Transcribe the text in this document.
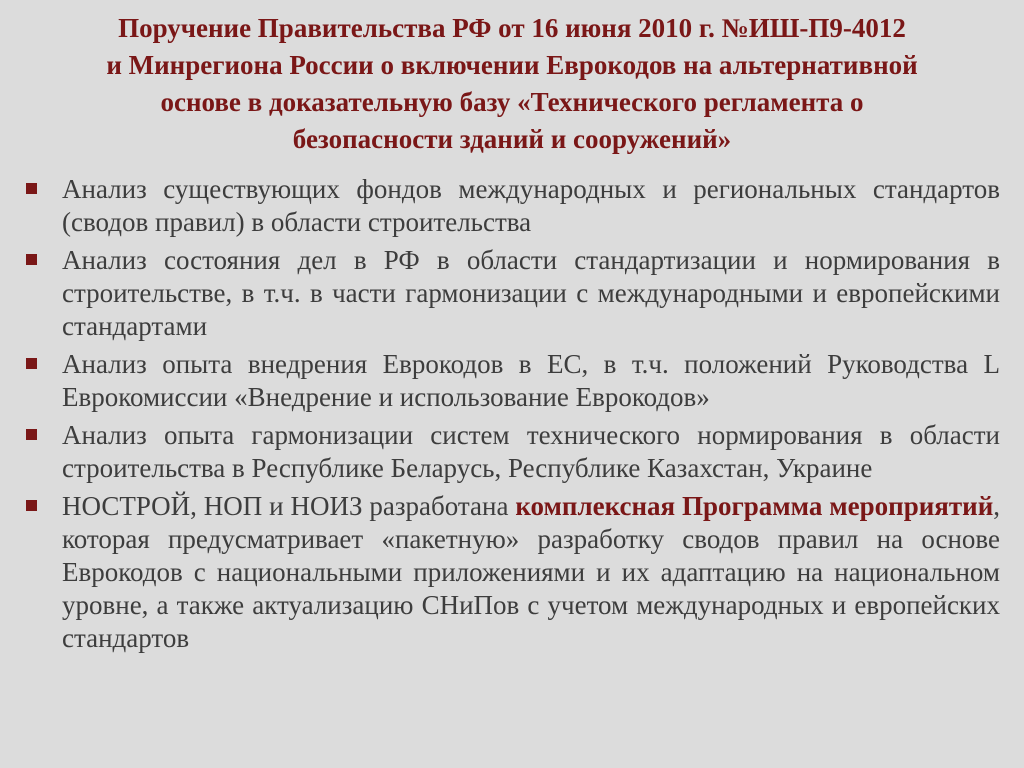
Поручение Правительства РФ от 16 июня 2010 г. №ИШ-П9-4012
и Минрегиона России о включении Еврокодов на альтернативной
основе в доказательную базу «Технического регламента о
безопасности зданий и сооружений»
Анализ существующих фондов международных и региональных стандартов (сводов правил) в области строительства
Анализ состояния дел в РФ в области стандартизации и нормирования в строительстве, в т.ч. в части гармонизации с международными и европейскими стандартами
Анализ опыта внедрения Еврокодов в ЕС, в т.ч. положений Руководства L Еврокомиссии «Внедрение и использование Еврокодов»
Анализ опыта гармонизации систем технического нормирования в области строительства в Республике Беларусь, Республике Казахстан, Украине
НОСТРОЙ, НОП и НОИЗ разработана комплексная Программа мероприятий, которая предусматривает «пакетную» разработку сводов правил на основе Еврокодов с национальными приложениями и их адаптацию на национальном уровне, а также актуализацию СНиПов с учетом международных и европейских стандартов
